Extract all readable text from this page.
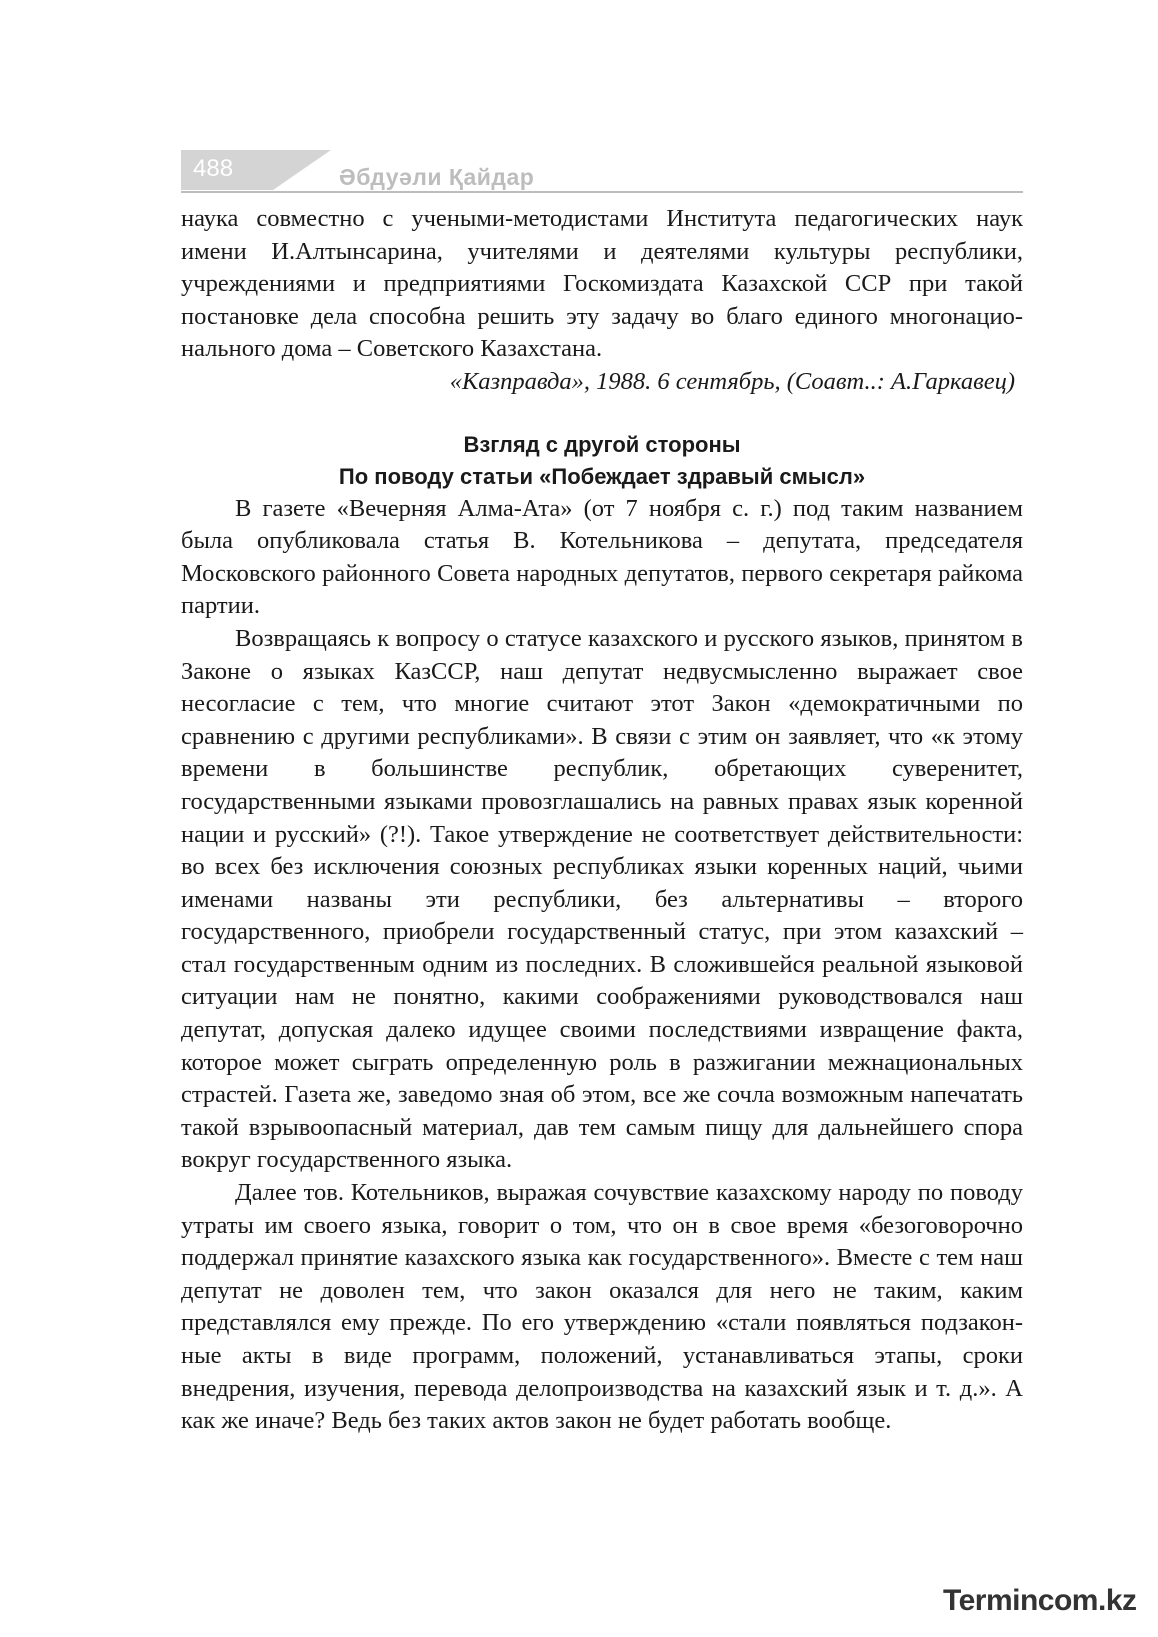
488	Әбдуәли Қайдар

наука совместно с учеными-методистами Института педагогических наук имени И.Алтынсарина, учителями и деятелями культуры республики, учреждениями и предприятиями Госкомиздата Казахской ССР при такой постановке дела способна решить эту задачу во благо единого многонационального дома – Советского Казахстана.

«Казправда», 1988. 6 сентябрь, (Соавт..: А.Гаркавец)

Взгляд с другой стороны
По поводу статьи «Побеждает здравый смысл»

В газете «Вечерняя Алма-Ата» (от 7 ноября с. г.) под таким названием была опубликовала статья В. Котельникова – депутата, председателя Московского районного Совета народных депутатов, первого секретаря райкома партии.

Возвращаясь к вопросу о статусе казахского и русского языков, принятом в Законе о языках КазССР, наш депутат недвусмысленно выражает свое несогласие с тем, что многие считают этот Закон «демократичными по сравнению с другими республиками». В связи с этим он заявляет, что «к этому времени в большинстве республик, обретающих суверенитет, государственными языками провозглашались на равных правах язык коренной нации и русский» (?!). Такое утверждение не соответствует действительности: во всех без исключения союзных республиках языки коренных наций, чьими именами названы эти республики, без альтернативы – второго государственного, приобрели государственный статус, при этом казахский – стал государственным одним из последних. В сложившейся реальной языковой ситуации нам не понятно, какими соображениями руководствовался наш депутат, допуская далеко идущее своими последствиями извращение факта, которое может сыграть определенную роль в разжигании межнациональных страстей. Газета же, заведомо зная об этом, все же сочла возможным напечатать такой взрывоопасный материал, дав тем самым пищу для дальнейшего спора вокруг государственного языка.

Далее тов. Котельников, выражая сочувствие казахскому народу по поводу утраты им своего языка, говорит о том, что он в свое время «безоговорочно поддержал принятие казахского языка как государственного». Вместе с тем наш депутат не доволен тем, что закон оказался для него не таким, каким представлялся ему прежде. По его утверждению «стали появляться подзаконные акты в виде программ, положений, устанавливаться этапы, сроки внедрения, изучения, перевода делопроизводства на казахский язык и т. д.». А как же иначе? Ведь без таких актов закон не будет работать вообще.

Termincom.kz
